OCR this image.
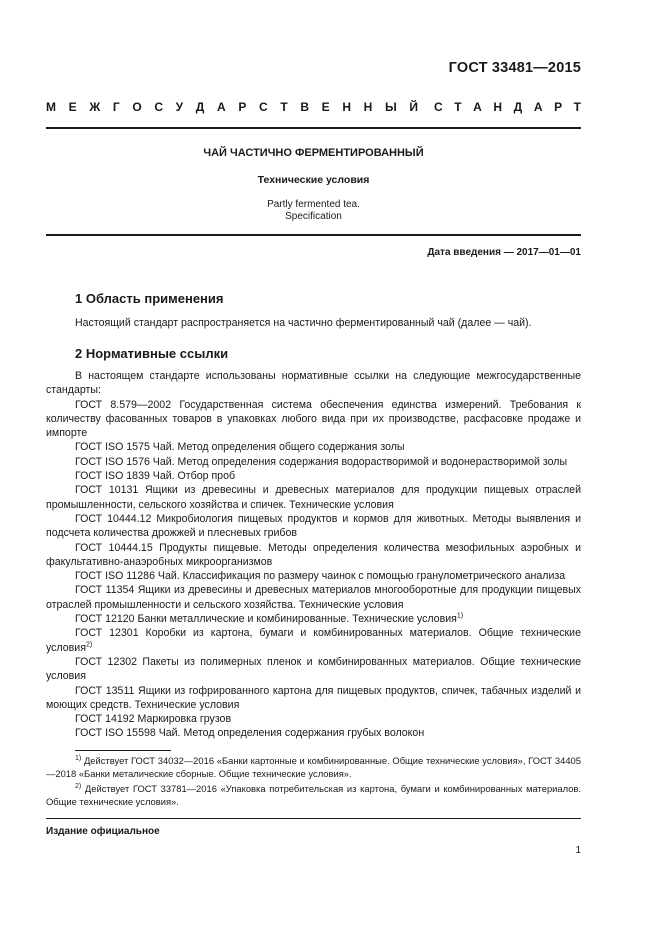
ГОСТ 33481—2015
М Е Ж Г О С У Д А Р С Т В Е Н Н Ы Й С Т А Н Д А Р Т
ЧАЙ ЧАСТИЧНО ФЕРМЕНТИРОВАННЫЙ
Технические условия
Partly fermented tea.
Specification
Дата введения — 2017—01—01
1 Область применения
Настоящий стандарт распространяется на частично ферментированный чай (далее — чай).
2 Нормативные ссылки

В настоящем стандарте использованы нормативные ссылки на следующие межгосударственные стандарты:

ГОСТ 8.579—2002 Государственная система обеспечения единства измерений. Требования к количеству фасованных товаров в упаковках любого вида при их производстве, расфасовке продаже и импорте

ГОСТ ISO 1575 Чай. Метод определения общего содержания золы

ГОСТ ISO 1576 Чай. Метод определения содержания водорастворимой и водонерастворимой золы

ГОСТ ISO 1839 Чай. Отбор проб

ГОСТ 10131 Ящики из древесины и древесных материалов для продукции пищевых отраслей промышленности, сельского хозяйства и спичек. Технические условия

ГОСТ 10444.12 Микробиология пищевых продуктов и кормов для животных. Методы выявления и подсчета количества дрожжей и плесневых грибов

ГОСТ 10444.15 Продукты пищевые. Методы определения количества мезофильных аэробных и факультативно-анаэробных микроорганизмов

ГОСТ ISO 11286 Чай. Классификация по размеру чаинок с помощью гранулометрического анализа

ГОСТ 11354 Ящики из древесины и древесных материалов многооборотные для продукции пищевых отраслей промышленности и сельского хозяйства. Технические условия

ГОСТ 12120 Банки металлические и комбинированные. Технические условия$^{1)}$

ГОСТ 12301 Коробки из картона, бумаги и комбинированных материалов. Общие технические условия$^{2)}$

ГОСТ 12302 Пакеты из полимерных пленок и комбинированных материалов. Общие технические условия

ГОСТ 13511 Ящики из гофрированного картона для пищевых продуктов, спичек, табачных изделий и моющих средств. Технические условия

ГОСТ 14192 Маркировка грузов

ГОСТ ISO 15598 Чай. Метод определения содержания грубых волокон

$^{1)}$ Действует ГОСТ 34032—2016 «Банки картонные и комбинированные. Общие технические условия», ГОСТ 34405—2018 «Банки металические сборные. Общие технические условия».

$^{2)}$ Действует ГОСТ 33781—2016 «Упаковка потребительская из картона, бумаги и комбинированных материалов. Общие технические условия».

Издание официальное
1
